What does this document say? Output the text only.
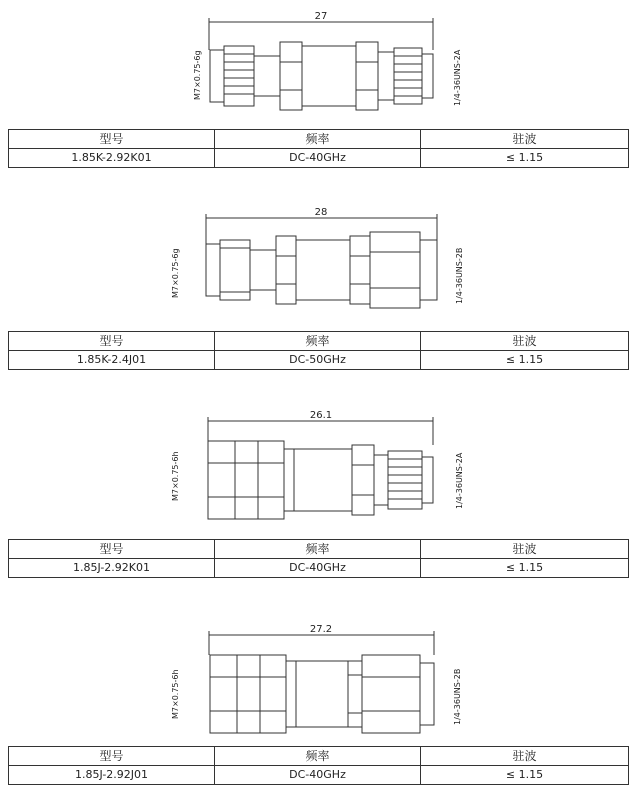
27
M7×0.75-6g	1/4-36UNS-2A
型号	频率	驻波
1.85K-2.92K01	DC-40GHz	≤ 1.15
28
M7×0.75-6g	1/4-36UNS-2B
型号	频率	驻波
1.85K-2.4J01	DC-50GHz	≤ 1.15
26.1
M7×0.75-6h	1/4-36UNS-2A
型号	频率	驻波
1.85J-2.92K01	DC-40GHz	≤ 1.15
27.2
M7×0.75-6h	1/4-36UNS-2B
型号	频率	驻波
1.85J-2.92J01	DC-40GHz	≤ 1.15
